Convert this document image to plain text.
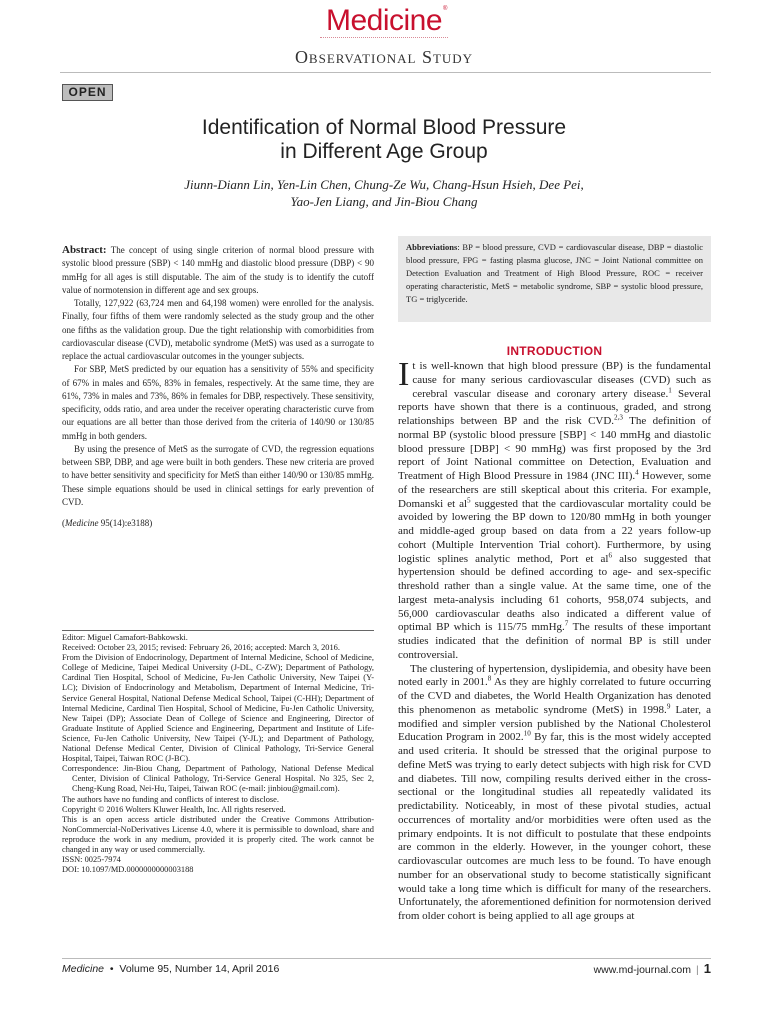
Medicine ®
Observational Study
OPEN
Identification of Normal Blood Pressure
in Different Age Group
Jiunn-Diann Lin, Yen-Lin Chen, Chung-Ze Wu, Chang-Hsun Hsieh, Dee Pei,
Yao-Jen Liang, and Jin-Biou Chang

Abstract: The concept of using single criterion of normal blood pressure with systolic blood pressure (SBP) < 140 mmHg and diastolic blood pressure (DBP) < 90 mmHg for all ages is still disputable. The aim of the study is to identify the cutoff value of normotension in different age and sex groups.

Totally, 127,922 (63,724 men and 64,198 women) were enrolled for the analysis. Finally, four fifths of them were randomly selected as the study group and the other one fifths as the validation group. Due the tight relationship with comorbidities from cardiovascular disease (CVD), metabolic syndrome (MetS) was used as a surrogate to replace the actual cardiovascular outcomes in the younger subjects.

For SBP, MetS predicted by our equation has a sensitivity of 55% and specificity of 67% in males and 65%, 83% in females, respectively. At the same time, they are 61%, 73% in males and 73%, 86% in females for DBP, respectively. These sensitivity, specificity, odds ratio, and area under the receiver operating characteristic curve from our equations are all better than those derived from the criteria of 140/90 or 130/85 mmHg in both genders.

By using the presence of MetS as the surrogate of CVD, the regression equations between SBP, DBP, and age were built in both genders. These new criteria are proved to have better sensitivity and specificity for MetS than either 140/90 or 130/85 mmHg. These simple equations should be used in clinical settings for early prevention of CVD.

(Medicine 95(14):e3188)

Editor: Miguel Camafort-Babkowski.

Received: October 23, 2015; revised: February 26, 2016; accepted: March 3, 2016.

From the Division of Endocrinology, Department of Internal Medicine, School of Medicine, College of Medicine, Taipei Medical University (J-DL, C-ZW); Department of Pathology, Cardinal Tien Hospital, School of Medicine, Fu-Jen Catholic University, New Taipei (Y-LC); Division of Endocrinology and Metabolism, Department of Internal Medicine, Tri-Service General Hospital, National Defense Medical School, Taipei (C-HH); Department of Internal Medicine, Cardinal Tien Hospital, School of Medicine, Fu-Jen Catholic University, New Taipei (DP); Associate Dean of College of Science and Engineering, Director of Graduate Institute of Applied Science and Engineering, Department and Institute of Life-Science, Fu-Jen Catholic University, New Taipei (Y-JL); and Department of Pathology, National Defense Medical Center, Division of Clinical Pathology, Tri-Service General Hospital, Taipei, Taiwan ROC (J-BC).

Correspondence: Jin-Biou Chang, Department of Pathology, National Defense Medical Center, Division of Clinical Pathology, Tri-Service General Hospital. No 325, Sec 2, Cheng-Kung Road, Nei-Hu, Taipei, Taiwan ROC (e-mail: jinbiou@gmail.com).

The authors have no funding and conflicts of interest to disclose.

Copyright © 2016 Wolters Kluwer Health, Inc. All rights reserved.

This is an open access article distributed under the Creative Commons Attribution-NonCommercial-NoDerivatives License 4.0, where it is permissible to download, share and reproduce the work in any medium, provided it is properly cited. The work cannot be changed in any way or used commercially.

ISSN: 0025-7974

DOI: 10.1097/MD.0000000000003188

Abbreviations: BP = blood pressure, CVD = cardiovascular disease, DBP = diastolic blood pressure, FPG = fasting plasma glucose, JNC = Joint National committee on Detection Evaluation and Treatment of High Blood Pressure, ROC = receiver operating characteristic, MetS = metabolic syndrome, SBP = systolic blood pressure, TG = triglyceride.
INTRODUCTION

It is well-known that high blood pressure (BP) is the fundamental cause for many serious cardiovascular diseases (CVD) such as cerebral vascular disease and coronary artery disease.$^1$ Several reports have shown that there is a continuous, graded, and strong relationships between BP and the risk CVD.$^{2,3}$ The definition of normal BP (systolic blood pressure [SBP] < 140 mmHg and diastolic blood pressure [DBP] < 90 mmHg) was first proposed by the 3rd report of Joint National committee on Detection, Evaluation and Treatment of High Blood Pressure in 1984 (JNC III).$^4$ However, some of the researchers are still skeptical about this criteria. For example, Domanski et $al^5$ suggested that the cardiovascular mortality could be avoided by lowering the BP down to 120/80 mmHg in both younger and middle-aged group based on data from a 22 years follow-up cohort (Multiple Intervention Trial cohort). Furthermore, by using logistic splines analytic method, Port et $al^6$ also suggested that hypertension should be defined according to age- and sex-specific threshold rather than a single value. At the same time, one of the largest meta-analysis including 61 cohorts, 958,074 subjects, and 56,000 cardiovascular deaths also indicated a different value of optimal BP which is 115/75 mmHg.$^7$ The results of these important studies indicated that the definition of normal BP is still under controversial.

The clustering of hypertension, dyslipidemia, and obesity have been noted early in 2001.$^8$ As they are highly correlated to future occurring of the CVD and diabetes, the World Health Organization has denoted this phenomenon as metabolic syndrome (MetS) in 1998.$^9$ Later, a modified and simpler version published by the National Cholesterol Education Program in 2002.10 By far, this is the most widely accepted and used criteria. It should be stressed that the original purpose to define MetS was trying to early detect subjects with high risk for CVD and diabetes. Till now, compiling results derived either in the cross-sectional or the longitudinal studies all repeatedly validated its predictability. Noticeably, in most of these pivotal studies, actual occurrences of mortality and/or morbidities were often used as the primary endpoints. It is not difficult to postulate that these endpoints are common in the elderly. However, in the younger cohort, these cardiovascular outcomes are much less to be found. To have enough number for an observational study to become statistically significant would take a long time which is difficult for many of the researchers. Unfortunately, the aforementioned definition for normotension derived from older cohort is being applied to all age groups at

Medicine  •  Volume 95, Number 14, April 2016	www.md-journal.com | 1
